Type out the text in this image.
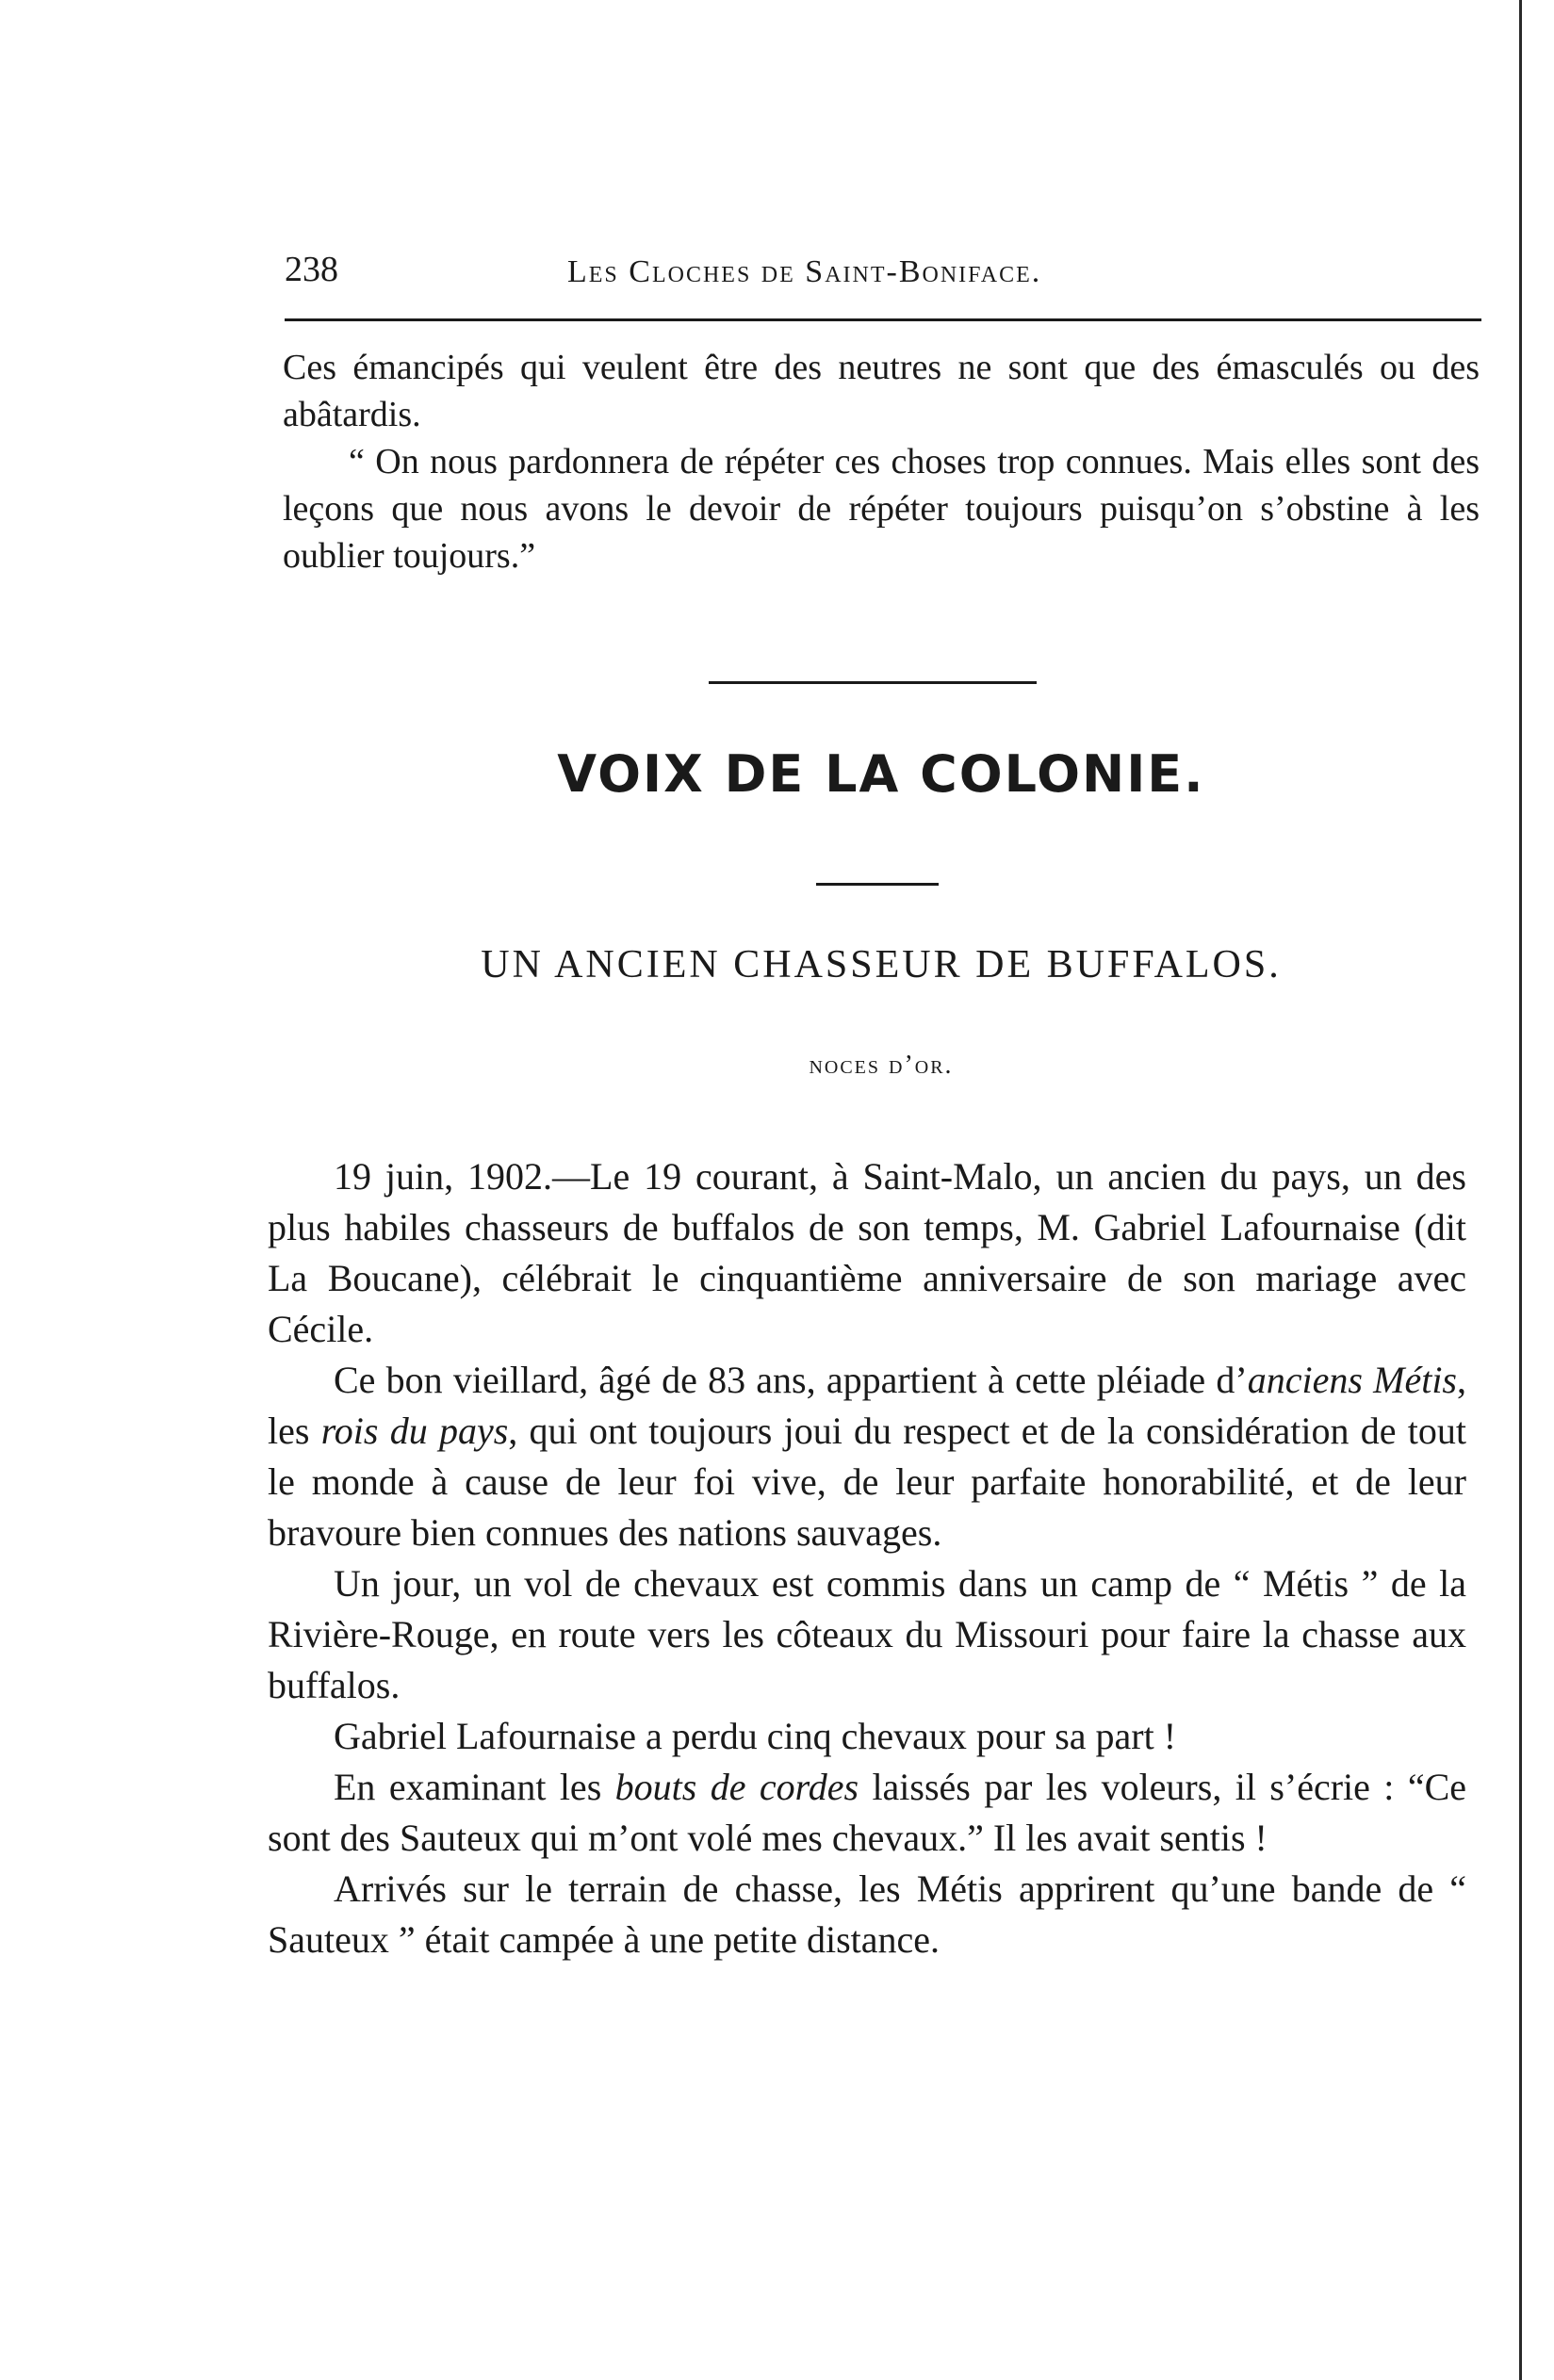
238	Les Cloches de Saint-Boniface.

Ces émancipés qui veulent être des neutres ne sont que des émasculés ou des abâtardis.

“ On nous pardonnera de répéter ces choses trop connues. Mais elles sont des leçons que nous avons le devoir de répéter toujours puisqu’on s’obstine à les oublier toujours.”

VOIX DE LA COLONIE.
UN ANCIEN CHASSEUR DE BUFFALOS.
noces d’or.

19 juin, 1902.—Le 19 courant, à Saint-Malo, un ancien du pays, un des plus habiles chasseurs de buffalos de son temps, M. Gabriel Lafournaise (dit La Boucane), célébrait le cinquantième anniversaire de son mariage avec Cécile.

Ce bon vieillard, âgé de 83 ans, appartient à cette pléiade d’anciens Métis, les rois du pays, qui ont toujours joui du respect et de la considération de tout le monde à cause de leur foi vive, de leur parfaite honorabilité, et de leur bravoure bien connues des nations sauvages.

Un jour, un vol de chevaux est commis dans un camp de “ Métis ” de la Rivière-Rouge, en route vers les côteaux du Missouri pour faire la chasse aux buffalos.

Gabriel Lafournaise a perdu cinq chevaux pour sa part !

En examinant les bouts de cordes laissés par les voleurs, il s’écrie : “Ce sont des Sauteux qui m’ont volé mes chevaux.” Il les avait sentis !

Arrivés sur le terrain de chasse, les Métis apprirent qu’une bande de “ Sauteux ” était campée à une petite distance.
